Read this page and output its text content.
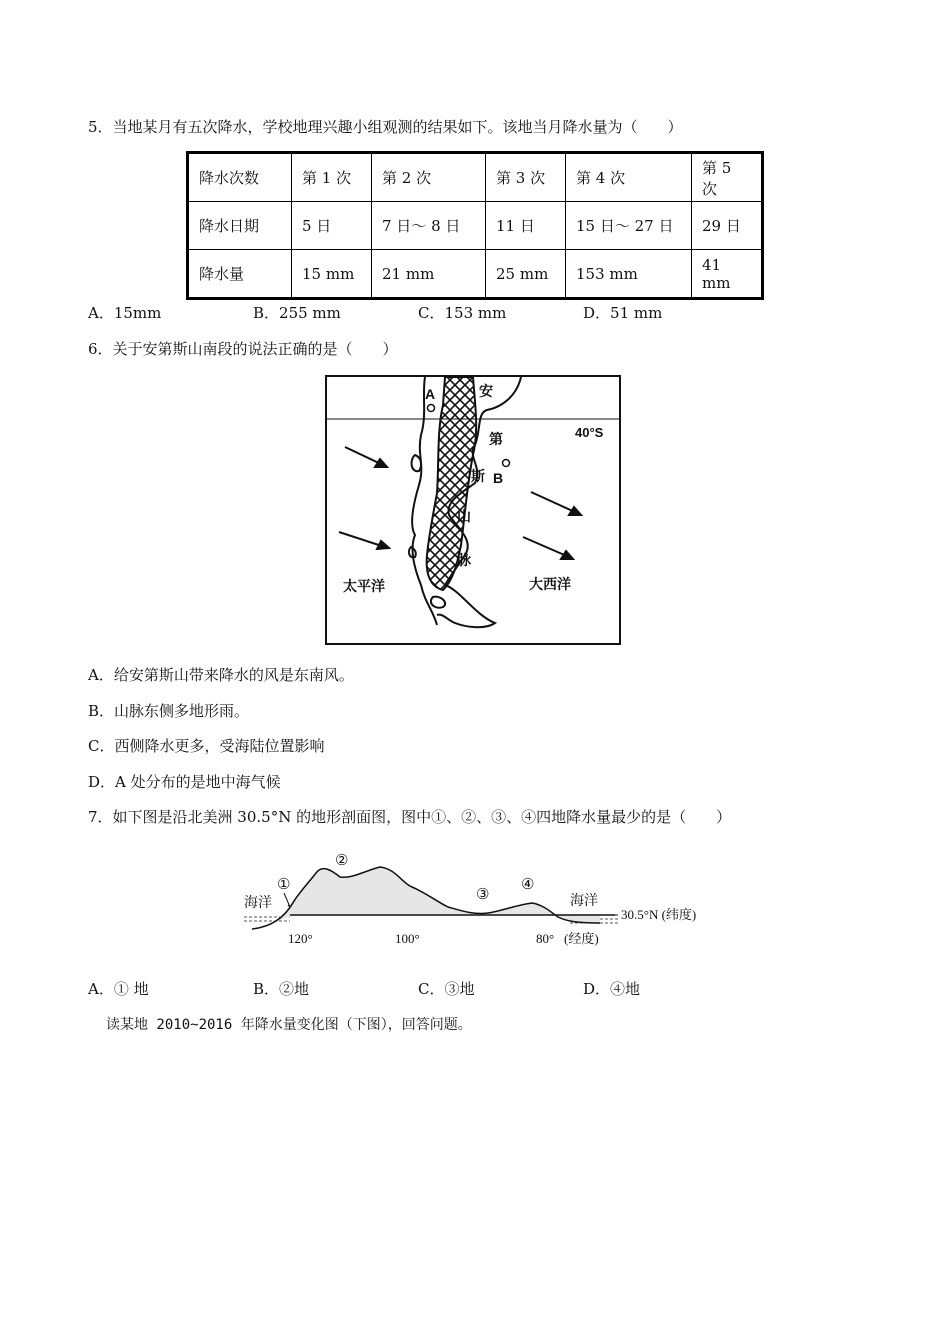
5．当地某月有五次降水，学校地理兴趣小组观测的结果如下。该地当月降水量为（　　）
降水次数	第 1 次	第 2 次	第 3 次	第 4 次	第 5 次
降水日期	5 日	7 日～ 8 日	11 日	15 日～ 27 日	29 日
降水量	15 mm	21 mm	25 mm	153 mm	41 mm
A．15mm	B．255 mm	C．153 mm	D．51 mm
6．关于安第斯山南段的说法正确的是（　　）
A
B
安
第
斯
山
脉
40°S
太平洋	大西洋
A．给安第斯山带来降水的风是东南风。
B．山脉东侧多地形雨。
C．西侧降水更多，受海陆位置影响
D．A 处分布的是地中海气候
7．如下图是沿北美洲 30.5°N 的地形剖面图，图中①、②、③、④四地降水量最少的是（　　）
海洋	海洋
①
②
③
④
30.5°N (纬度)
120°	100°	80° (经度)
A．① 地	B．②地	C．③地	D．④地
读某地 2010~2016 年降水量变化图（下图），回答问题。
